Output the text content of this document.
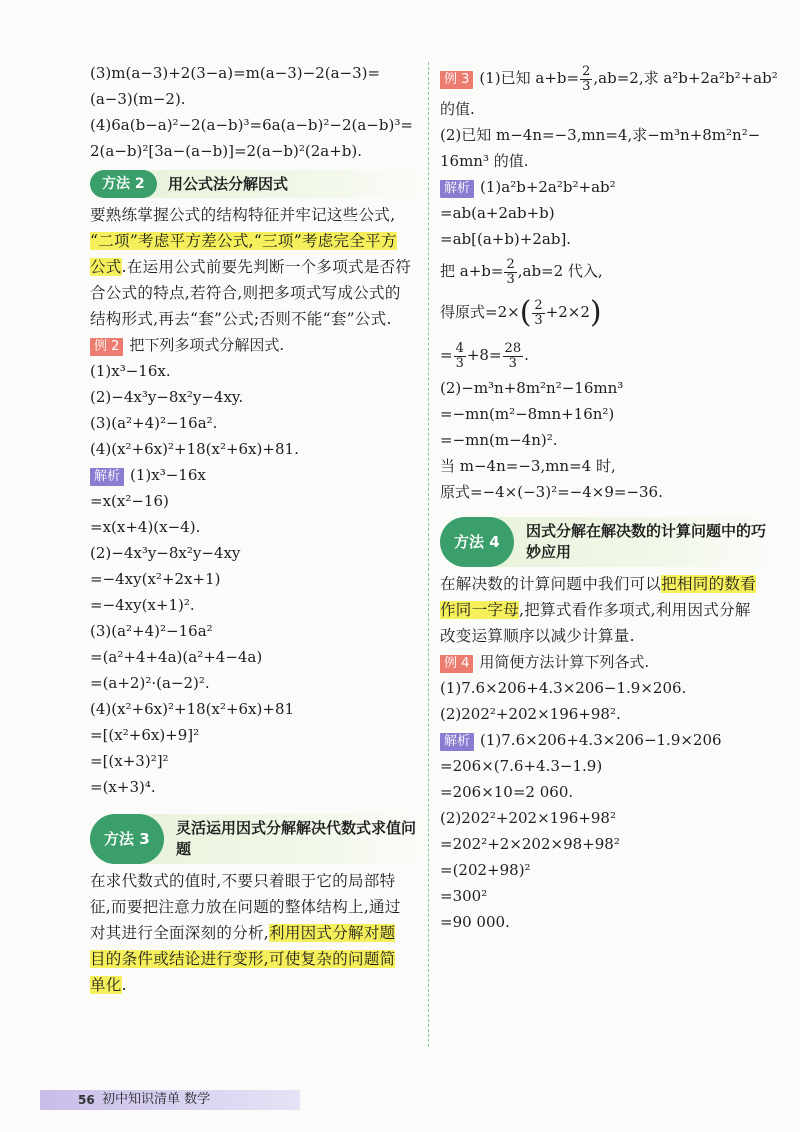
(3)m(a−3)+2(3−a)=m(a−3)−2(a−3)=
(a−3)(m−2).
(4)6a(b−a)²−2(a−b)³=6a(a−b)²−2(a−b)³=
2(a−b)²[3a−(a−b)]=2(a−b)²(2a+b).
方法 2	用公式法分解因式
要熟练掌握公式的结构特征并牢记这些公式,
“二项”考虑平方差公式,“三项”考虑完全平方
公式.在运用公式前要先判断一个多项式是否符
合公式的特点,若符合,则把多项式写成公式的
结构形式,再去“套”公式;否则不能“套”公式.
例 2 把下列多项式分解因式.
(1)x³−16x.
(2)−4x³y−8x²y−4xy.
(3)(a²+4)²−16a².
(4)(x²+6x)²+18(x²+6x)+81.
解析 (1)x³−16x
=x(x²−16)
=x(x+4)(x−4).
(2)−4x³y−8x²y−4xy
=−4xy(x²+2x+1)
=−4xy(x+1)².
(3)(a²+4)²−16a²
=(a²+4+4a)(a²+4−4a)
=(a+2)²·(a−2)².
(4)(x²+6x)²+18(x²+6x)+81
=[(x²+6x)+9]²
=[(x+3)²]²
=(x+3)⁴.
方法 3
灵活运用因式分解解决代数式求值问题
在求代数式的值时,不要只着眼于它的局部特
征,而要把注意力放在问题的整体结构上,通过
对其进行全面深刻的分析,利用因式分解对题
目的条件或结论进行变形,可使复杂的问题简
单化.
例 3 (1)已知 $a+b= \frac{2}{3} ,ab=2$,求 a²b+2a²b²+ab²
的值.
(2)已知 m−4n=−3,mn=4,求−m³n+8m²n²−
16mn³ 的值.
解析 (1)a²b+2a²b²+ab²
=ab(a+2ab+b)
=ab[(a+b)+2ab].
把 $a+b= \frac{2}{3} ,ab=2$ 代入,
得原式$=2\times( \frac{2}{3} +2\times 2)$
= $\frac{4}{3} +8= \frac{28}{3}$ .
(2)−m³n+8m²n²−16mn³
=−mn(m²−8mn+16n²)
=−mn(m−4n)².
当 m−4n=−3,mn=4 时,
原式=−4×(−3)²=−4×9=−36.
方法 4
因式分解在解决数的计算问题中的巧妙应用
在解决数的计算问题中我们可以把相同的数看
作同一字母,把算式看作多项式,利用因式分解
改变运算顺序以减少计算量.
例 4 用简便方法计算下列各式.
(1)7.6×206+4.3×206−1.9×206.
(2)202²+202×196+98².
解析 (1)7.6×206+4.3×206−1.9×206
=206×(7.6+4.3−1.9)
=206×10=2 060.
(2)202²+202×196+98²
=202²+2×202×98+98²
=(202+98)²
=300²
=90 000.
56 初中知识清单 数学
